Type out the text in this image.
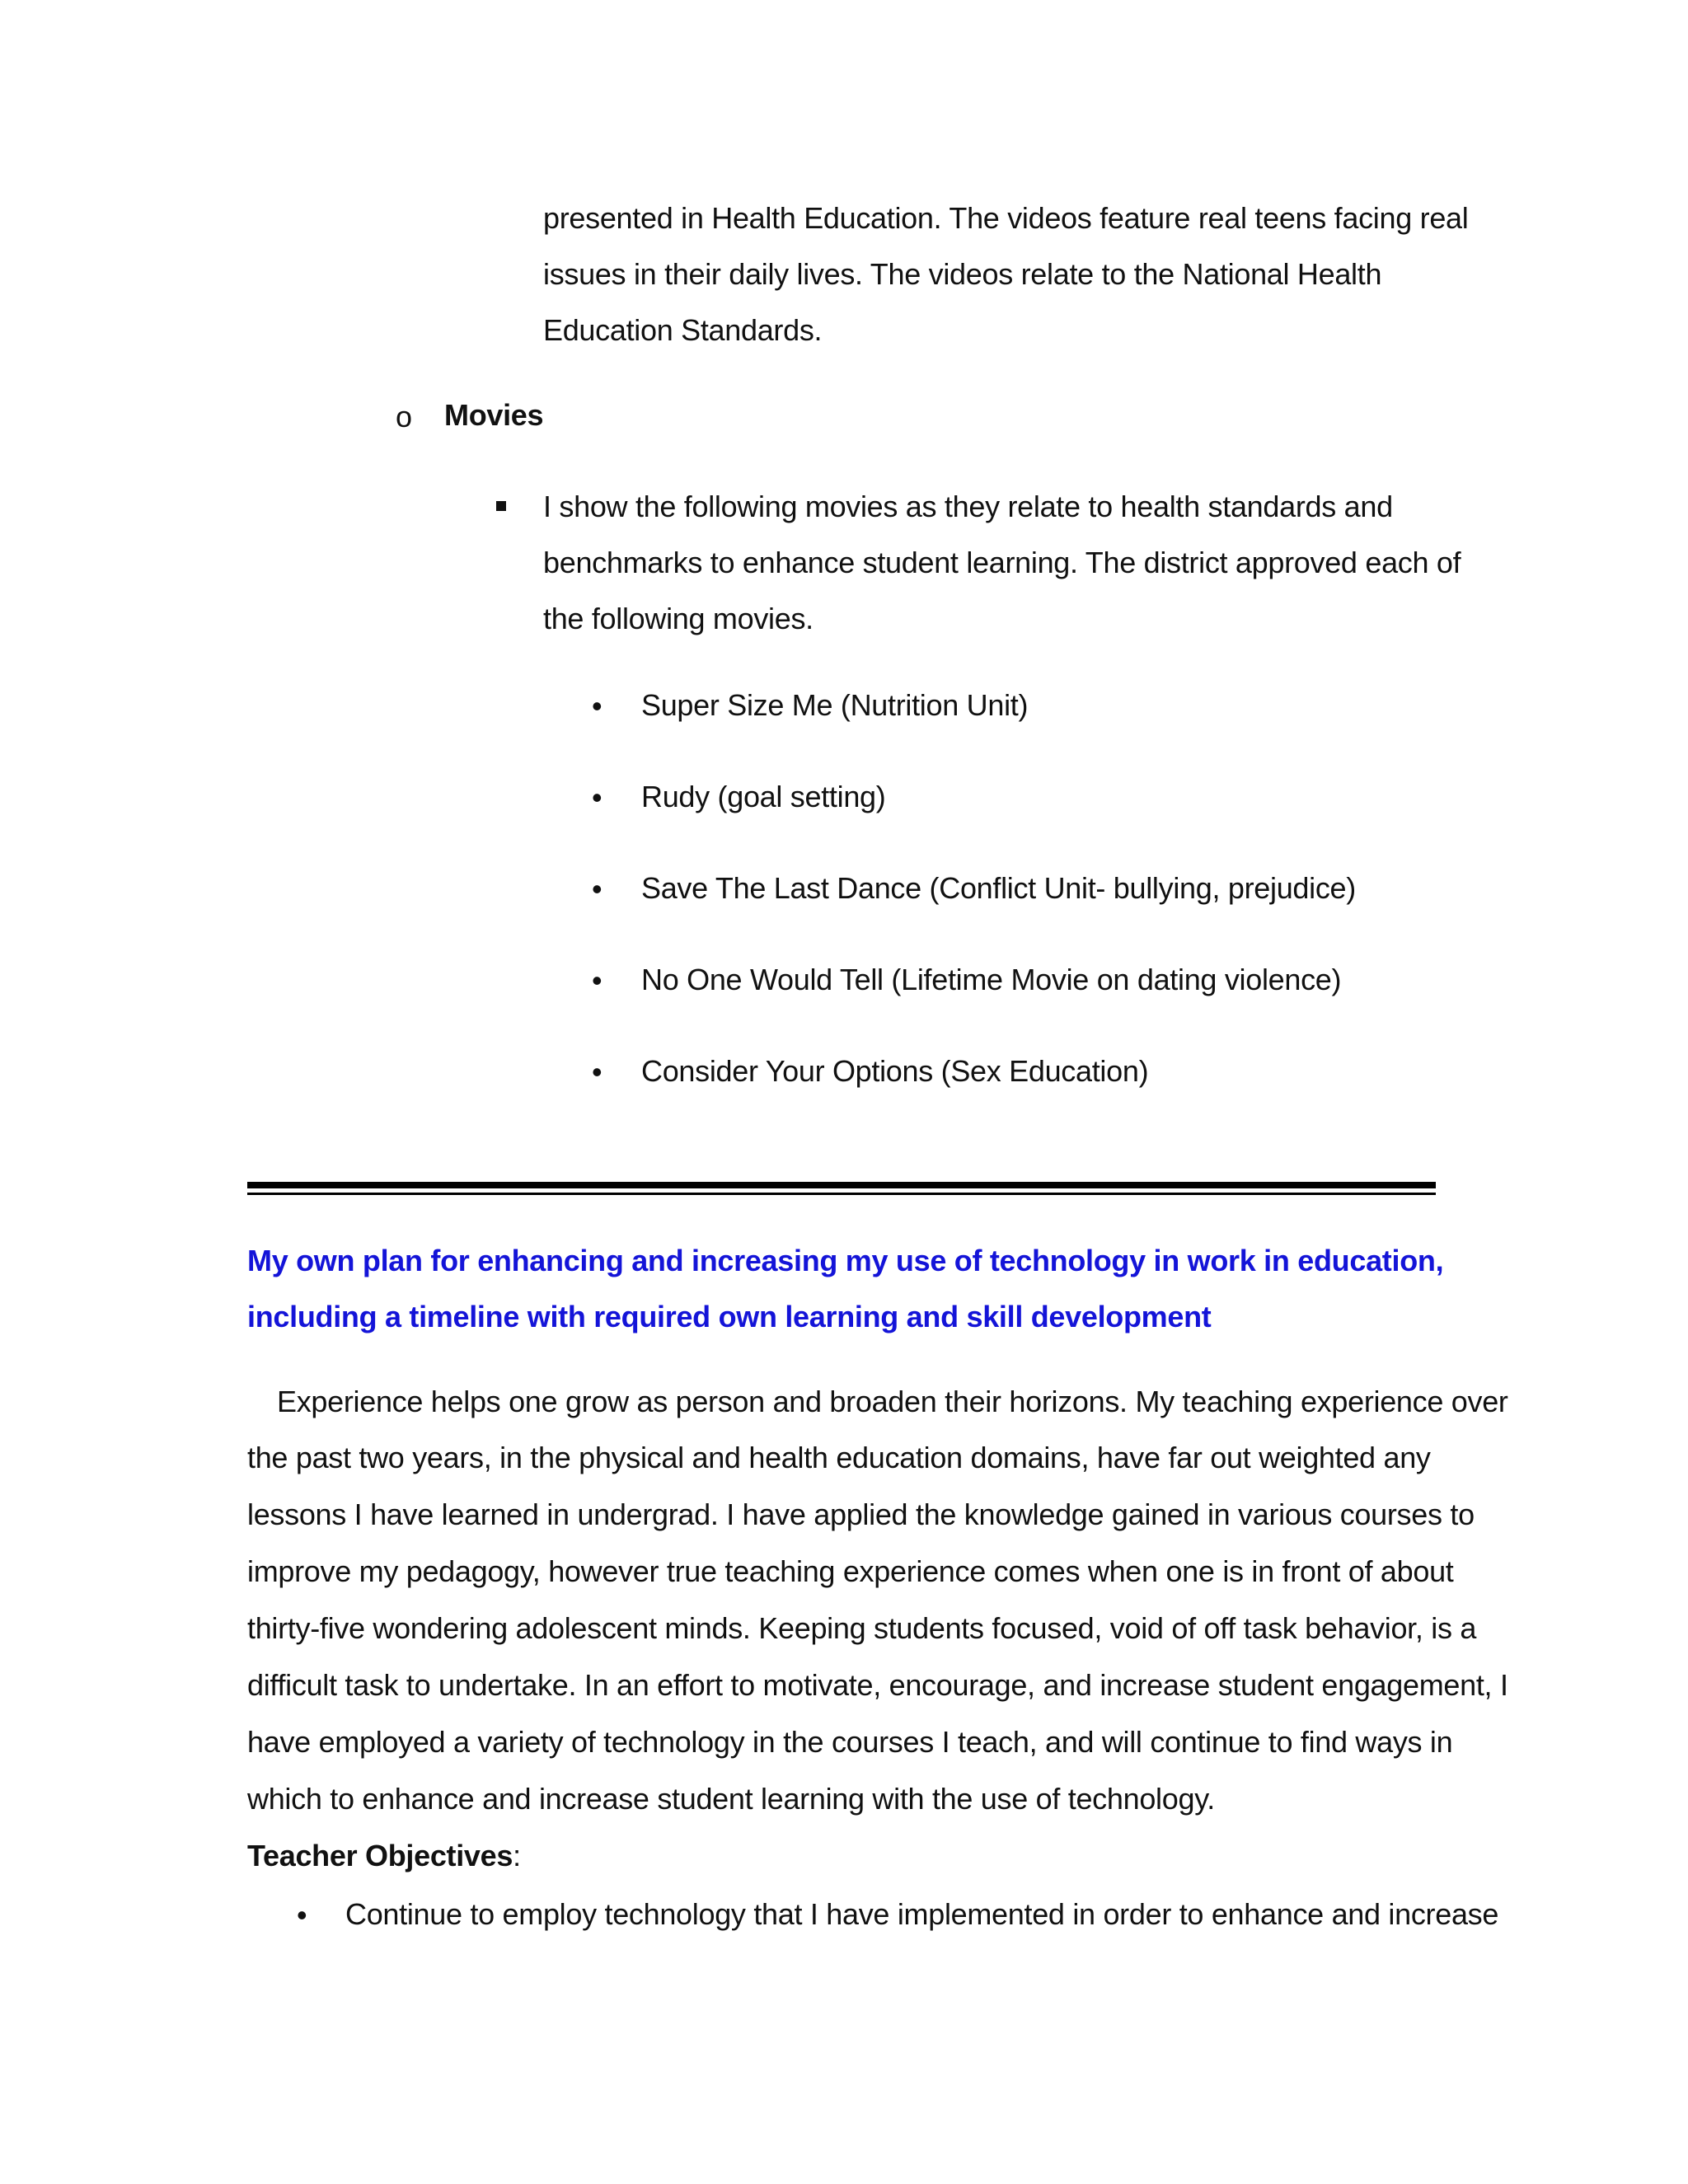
presented in Health Education. The videos feature real teens facing real
issues in their daily lives. The videos relate to the National Health
Education Standards.
o Movies
I show the following movies as they relate to health standards and
benchmarks to enhance student learning. The district approved each of
the following movies.
• Super Size Me (Nutrition Unit)
• Rudy (goal setting)
• Save The Last Dance (Conflict Unit- bullying, prejudice)
• No One Would Tell (Lifetime Movie on dating violence)
• Consider Your Options (Sex Education)
My own plan for enhancing and increasing my use of technology in work in education,
including a timeline with required own learning and skill development
Experience helps one grow as person and broaden their horizons. My teaching experience over
the past two years, in the physical and health education domains, have far out weighted any
lessons I have learned in undergrad. I have applied the knowledge gained in various courses to
improve my pedagogy, however true teaching experience comes when one is in front of about
thirty-five wondering adolescent minds. Keeping students focused, void of off task behavior, is a
difficult task to undertake. In an effort to motivate, encourage, and increase student engagement, I
have employed a variety of technology in the courses I teach, and will continue to find ways in
which to enhance and increase student learning with the use of technology.
Teacher Objectives:
• Continue to employ technology that I have implemented in order to enhance and increase
